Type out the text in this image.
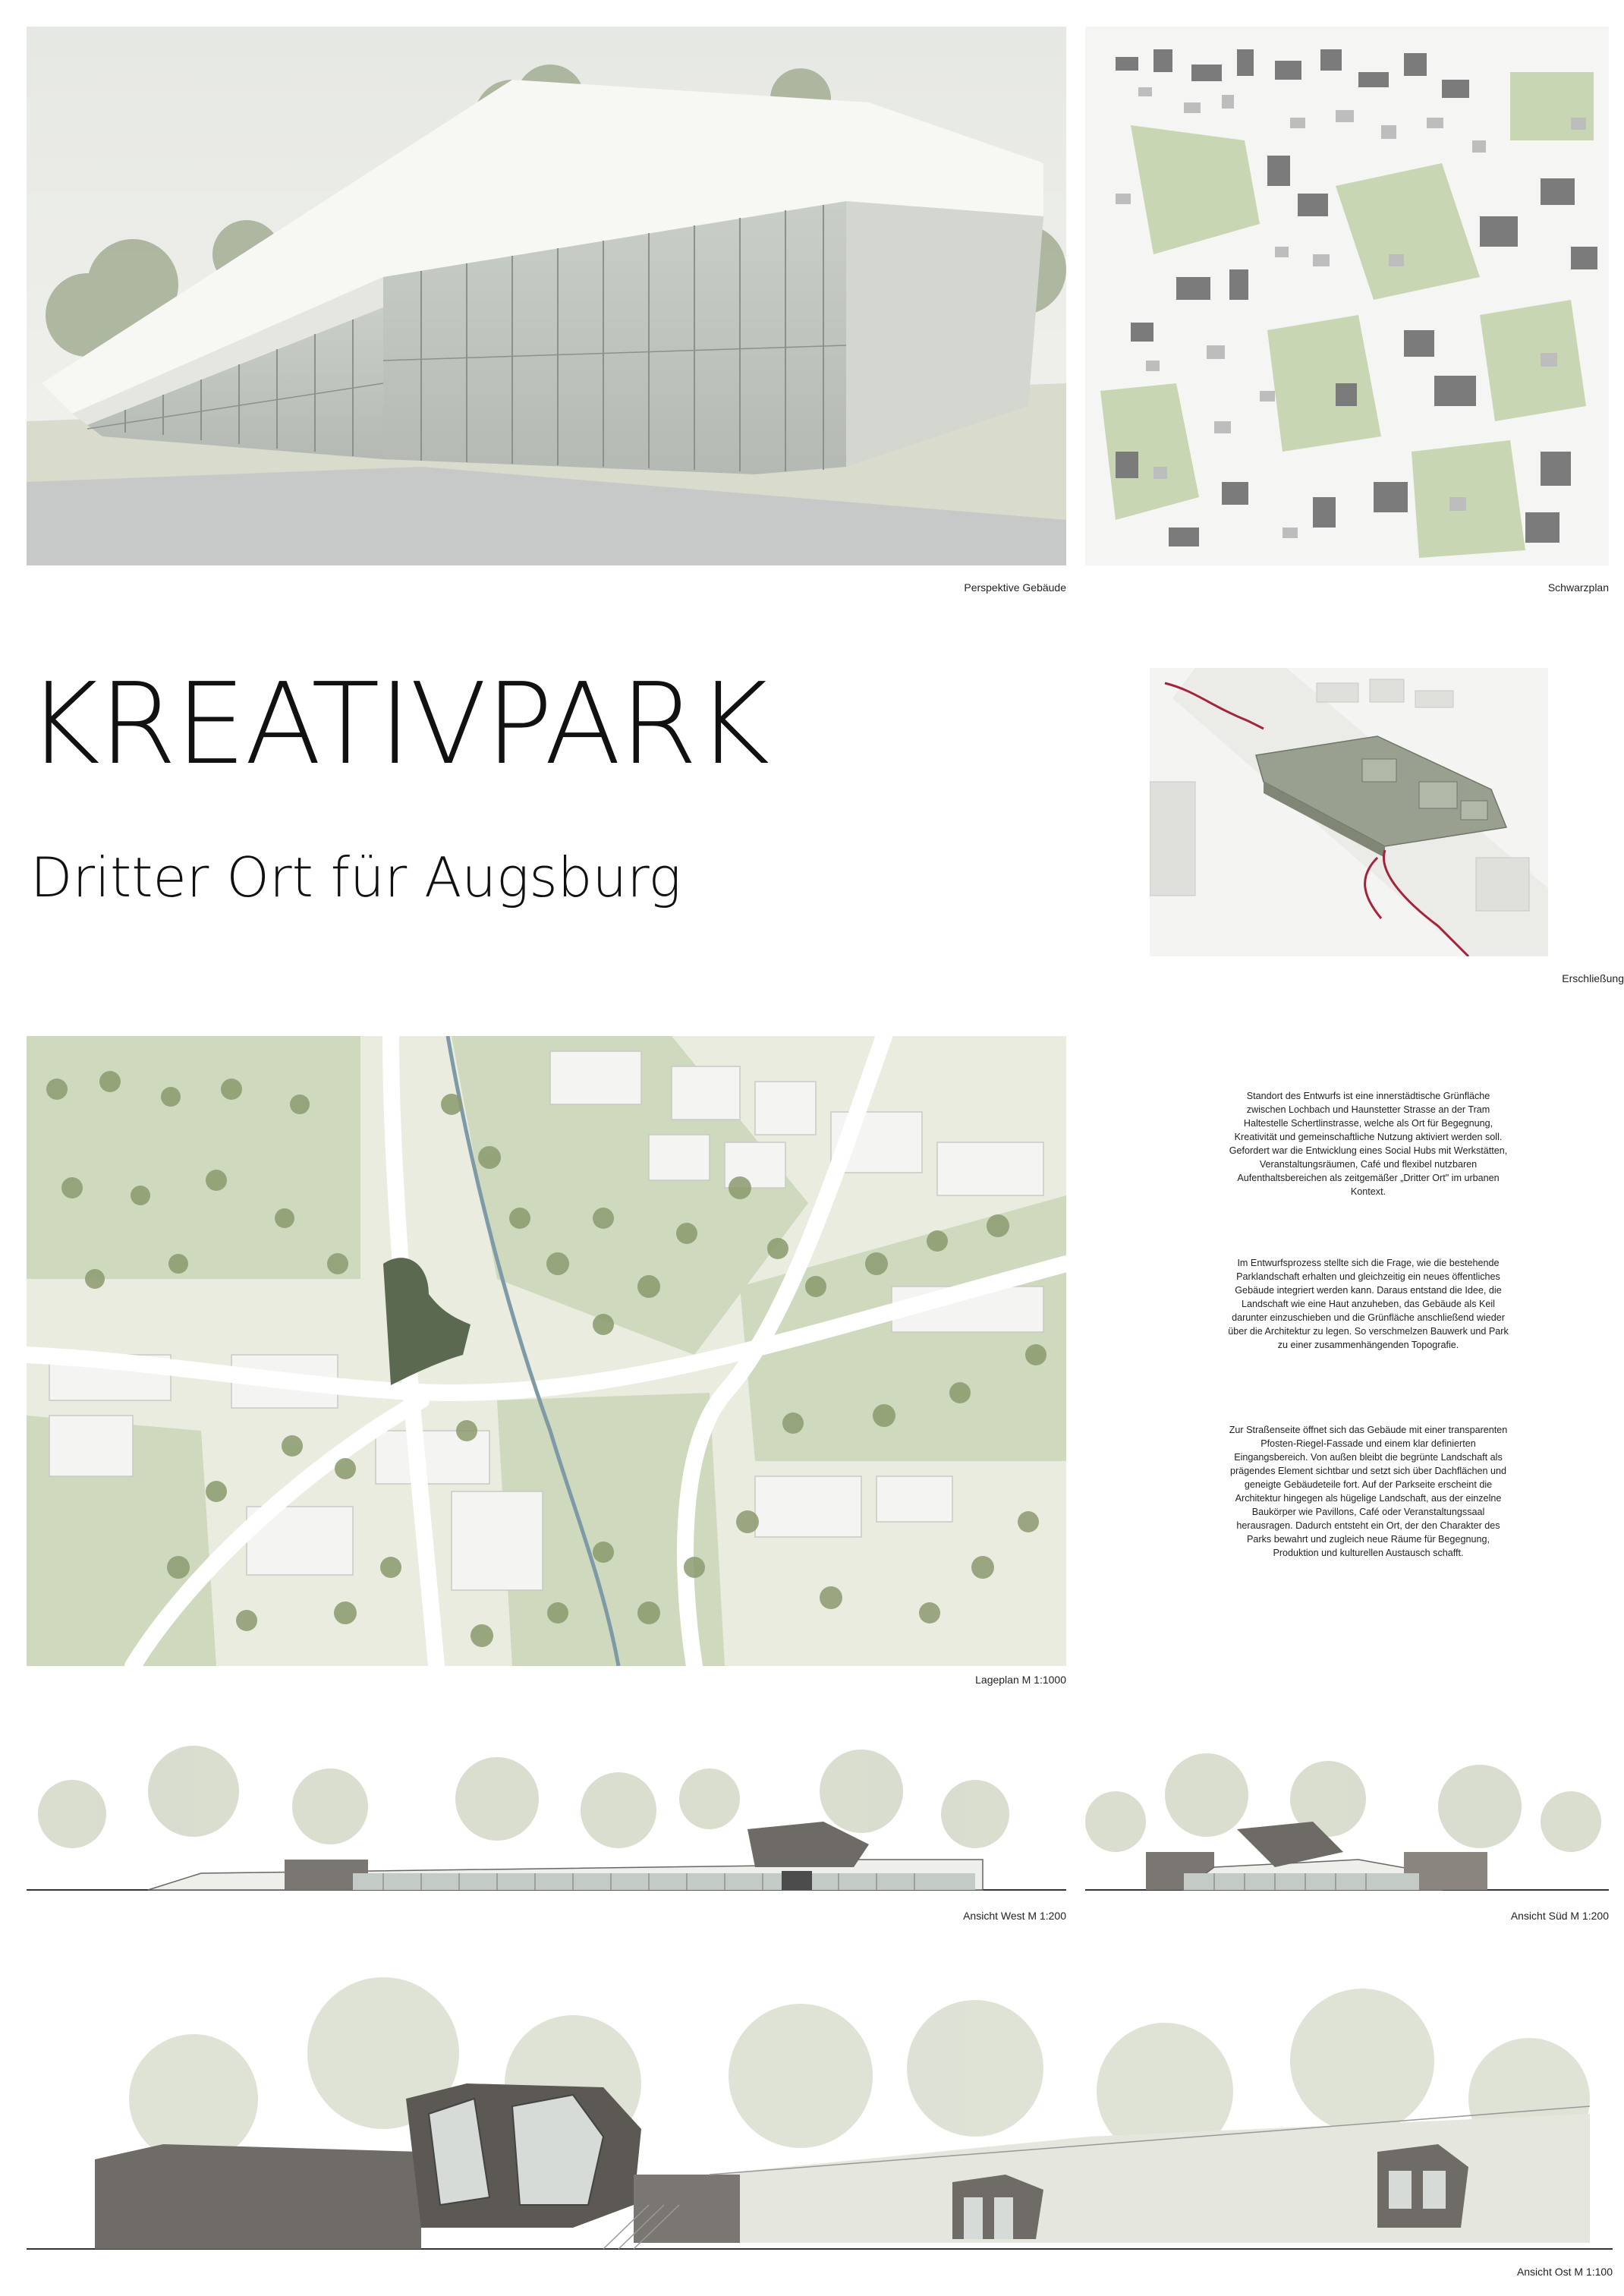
Perspektive Gebäude	Schwarzplan
KREATIVPARK
Dritter Ort für Augsburg
Erschließung
Lageplan M 1:1000

Standort des Entwurfs ist eine innerstädtische Grünfläche zwischen Lochbach und Haunstetter Strasse an der Tram Haltestelle Schertlinstrasse, welche als Ort für Begegnung, Kreativität und gemeinschaftliche Nutzung aktiviert werden soll. Gefordert war die Entwicklung eines Social Hubs mit Werkstätten, Veranstaltungsräumen, Café und flexibel nutzbaren Aufenthaltsbereichen als zeitgemäßer „Dritter Ort" im urbanen Kontext.

Im Entwurfsprozess stellte sich die Frage, wie die bestehende Parklandschaft erhalten und gleichzeitig ein neues öffentliches Gebäude integriert werden kann. Daraus entstand die Idee, die Landschaft wie eine Haut anzuheben, das Gebäude als Keil darunter einzuschieben und die Grünfläche anschließend wieder über die Architektur zu legen. So verschmelzen Bauwerk und Park zu einer zusammenhängenden Topografie.

Zur Straßenseite öffnet sich das Gebäude mit einer transparenten Pfosten-Riegel-Fassade und einem klar definierten Eingangsbereich. Von außen bleibt die begrünte Landschaft als prägendes Element sichtbar und setzt sich über Dachflächen und geneigte Gebäudeteile fort. Auf der Parkseite erscheint die Architektur hingegen als hügelige Landschaft, aus der einzelne Baukörper wie Pavillons, Café oder Veranstaltungssaal herausragen. Dadurch entsteht ein Ort, der den Charakter des Parks bewahrt und zugleich neue Räume für Begegnung, Produktion und kulturellen Austausch schafft.

Ansicht West M 1:200	Ansicht Süd M 1:200
Ansicht Ost M 1:100
